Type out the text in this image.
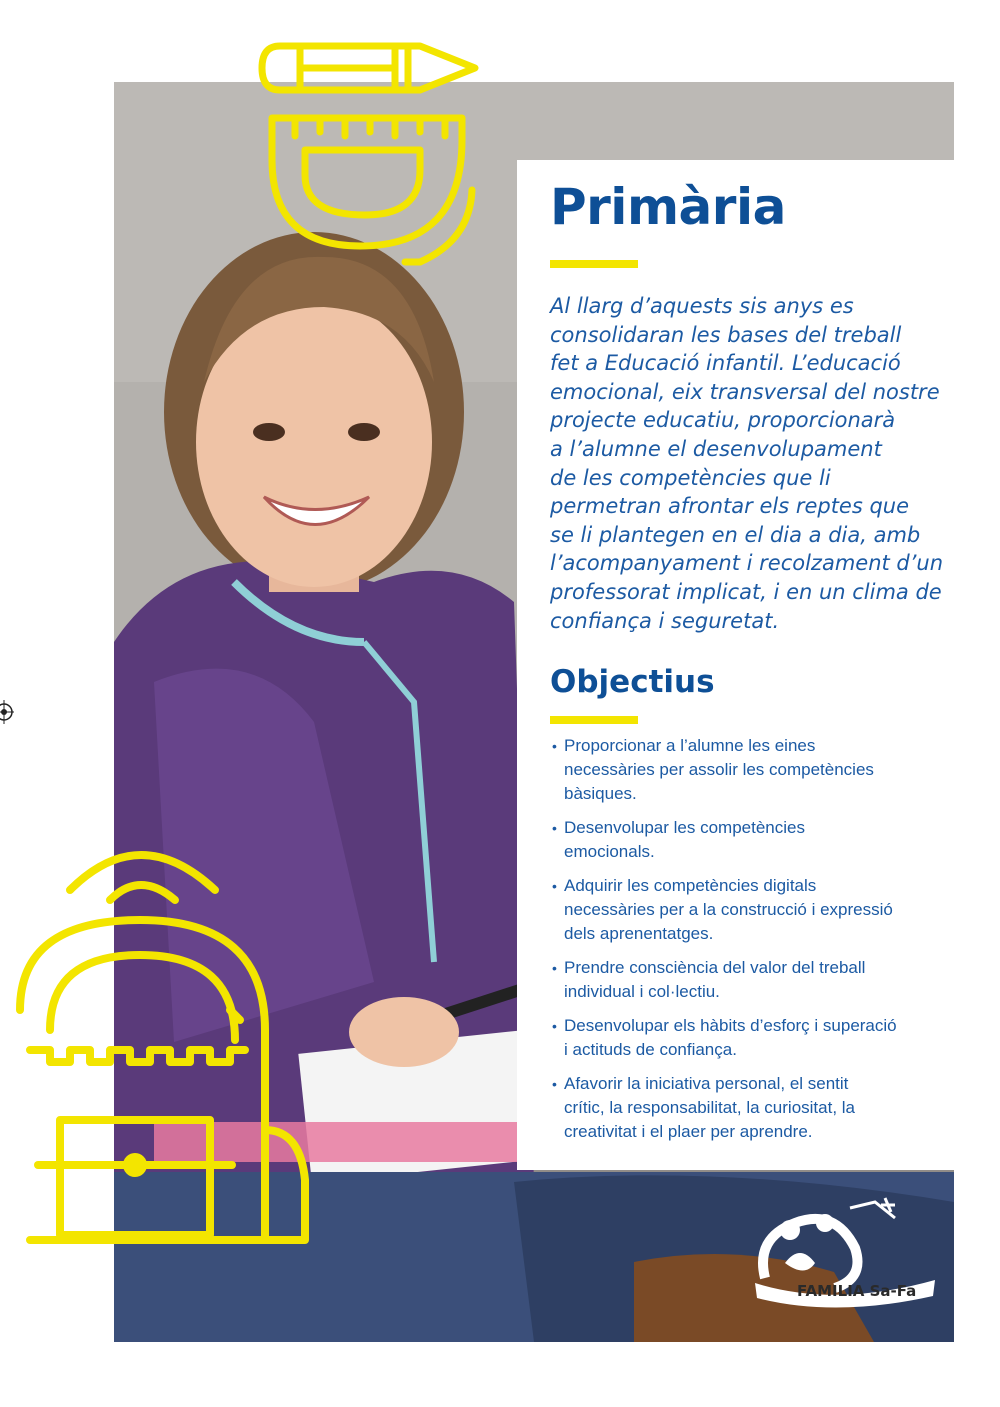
Primària

Al llarg d’aquests sis anys es
consolidaran les bases del treball
fet a Educació infantil. L’educació
emocional, eix transversal del nostre
projecte educatiu, proporcionarà
a l’alumne el desenvolupament
de les competències que li
permetran afrontar els reptes que
se li plantegen en el dia a dia, amb
l’acompanyament i recolzament d’un
professorat implicat, i en un clima de
confiança i seguretat.

Objectius
• Proporcionar a l’alumne les eines
necessàries per assolir les competències
bàsiques.
• Desenvolupar les competències
emocionals.
• Adquirir les competències digitals
necessàries per a la construcció i expressió
dels aprenentatges.
• Prendre consciència del valor del treball
individual i col·lectiu.
• Desenvolupar els hàbits d’esforç i superació
i actituds de confiança.
• Afavorir la iniciativa personal, el sentit
crític, la responsabilitat, la curiositat, la
creativitat i el plaer per aprendre.
FAMILIA Sa-Fa
